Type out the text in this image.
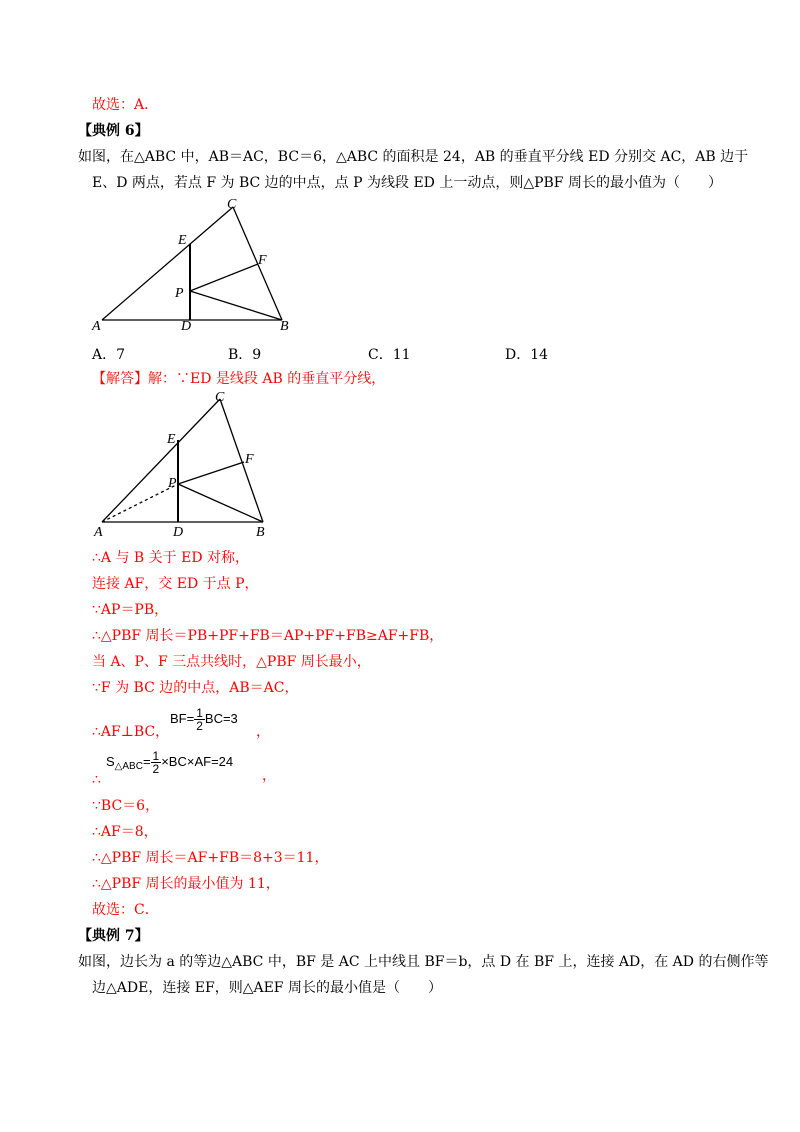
故选：A．
【典例 6】
如图，在△ABC 中，AB＝AC，BC＝6，△ABC 的面积是 24，AB 的垂直平分线 ED 分别交 AC，AB 边于
E、D 两点，若点 F 为 BC 边的中点，点 P 为线段 ED 上一动点，则△PBF 周长的最小值为（　　）
C
E
F
P
A	D	B
A．7	B．9	C．11	D．14
【解答】解：∵ED 是线段 AB 的垂直平分线，
C
E
F
P
A	D	B
∴A 与 B 关于 ED 对称，
连接 AF，交 ED 于点 P，
∵AP＝PB，
∴△PBF 周长＝PB+PF+FB＝AP+PF+FB≥AF+FB，
当 A、P、F 三点共线时，△PBF 周长最小，
∵F 为 BC 边的中点，AB＝AC，
∴AF⊥BC，
$BF= \frac{1}{2} BC=3$
，
∴
$S_{\triangle ABC}= \frac{1}{2} \times BC\times AF=24$
，
∵BC＝6，
∴AF＝8，
∴△PBF 周长＝AF+FB＝8+3＝11，
∴△PBF 周长的最小值为 11，
故选：C．
【典例 7】
如图，边长为 a 的等边△ABC 中，BF 是 AC 上中线且 BF＝b，点 D 在 BF 上，连接 AD，在 AD 的右侧作等
边△ADE，连接 EF，则△AEF 周长的最小值是（　　）
